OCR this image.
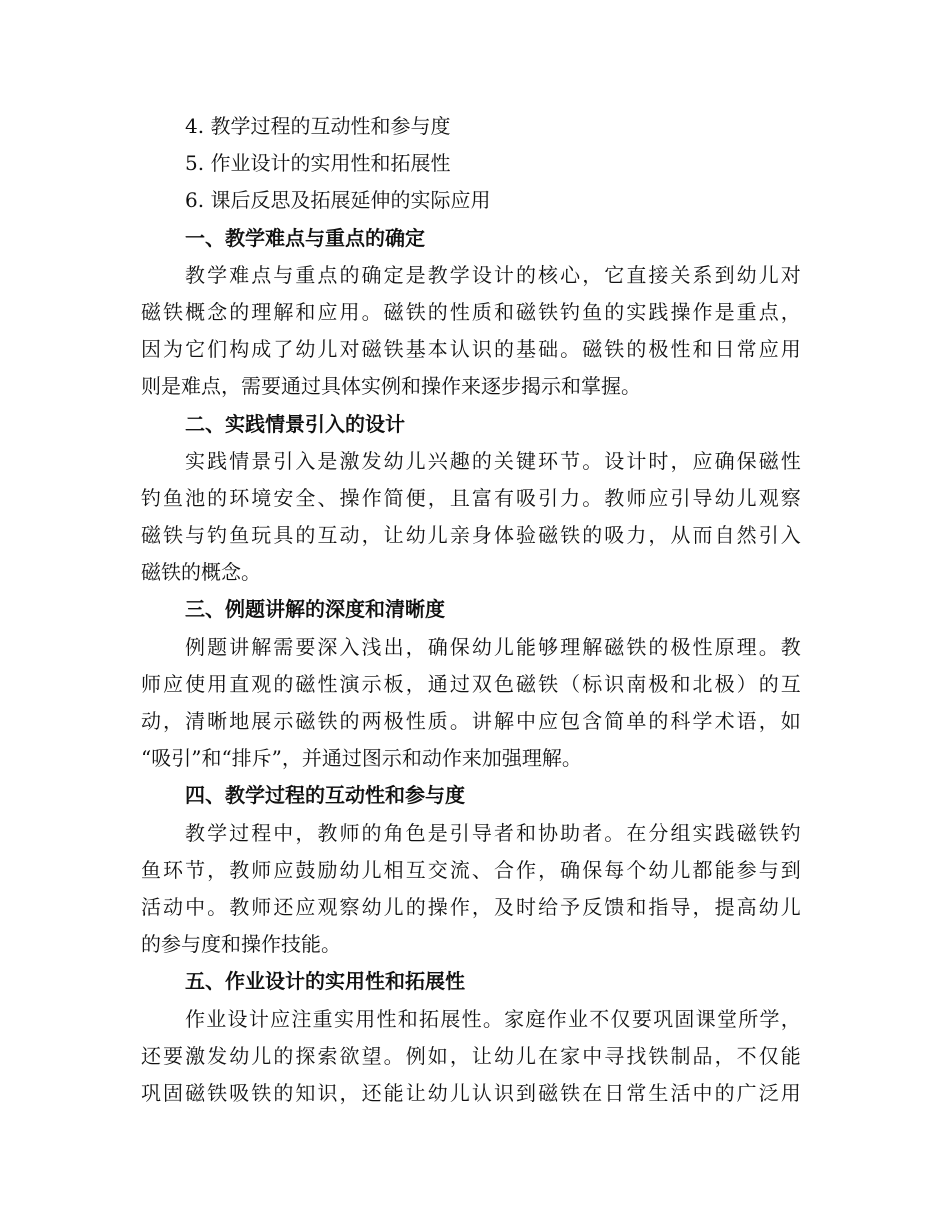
4. 教学过程的互动性和参与度
5. 作业设计的实用性和拓展性
6. 课后反思及拓展延伸的实际应用
一、教学难点与重点的确定
教学难点与重点的确定是教学设计的核心，它直接关系到幼儿对
磁铁概念的理解和应用。磁铁的性质和磁铁钓鱼的实践操作是重点，
因为它们构成了幼儿对磁铁基本认识的基础。磁铁的极性和日常应用
则是难点，需要通过具体实例和操作来逐步揭示和掌握。
二、实践情景引入的设计
实践情景引入是激发幼儿兴趣的关键环节。设计时，应确保磁性
钓鱼池的环境安全、操作简便，且富有吸引力。教师应引导幼儿观察
磁铁与钓鱼玩具的互动，让幼儿亲身体验磁铁的吸力，从而自然引入
磁铁的概念。
三、例题讲解的深度和清晰度
例题讲解需要深入浅出，确保幼儿能够理解磁铁的极性原理。教
师应使用直观的磁性演示板，通过双色磁铁（标识南极和北极）的互
动，清晰地展示磁铁的两极性质。讲解中应包含简单的科学术语，如
“吸引”和“排斥”，并通过图示和动作来加强理解。
四、教学过程的互动性和参与度
教学过程中，教师的角色是引导者和协助者。在分组实践磁铁钓
鱼环节，教师应鼓励幼儿相互交流、合作，确保每个幼儿都能参与到
活动中。教师还应观察幼儿的操作，及时给予反馈和指导，提高幼儿
的参与度和操作技能。
五、作业设计的实用性和拓展性
作业设计应注重实用性和拓展性。家庭作业不仅要巩固课堂所学，
还要激发幼儿的探索欲望。例如，让幼儿在家中寻找铁制品，不仅能
巩固磁铁吸铁的知识，还能让幼儿认识到磁铁在日常生活中的广泛用
